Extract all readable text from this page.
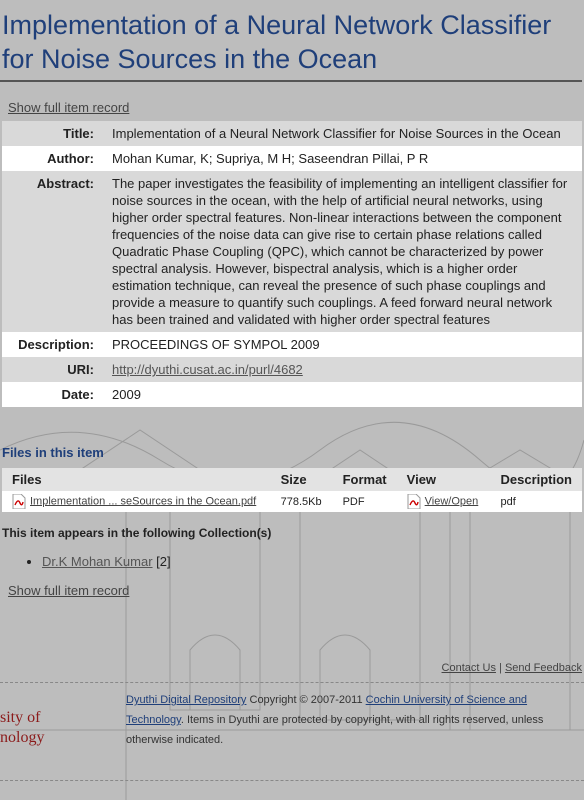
Implementation of a Neural Network Classifier for Noise Sources in the Ocean
Show full item record
Title:	Implementation of a Neural Network Classifier for Noise Sources in the Ocean
Author:	Mohan Kumar, K; Supriya, M H; Saseendran Pillai, P R
Abstract:	The paper investigates the feasibility of implementing an intelligent classifier for noise sources in the ocean, with the help of artificial neural networks, using higher order spectral features. Non-linear interactions between the component frequencies of the noise data can give rise to certain phase relations called Quadratic Phase Coupling (QPC), which cannot be characterized by power spectral analysis. However, bispectral analysis, which is a higher order estimation technique, can reveal the presence of such phase couplings and provide a measure to quantify such couplings. A feed forward neural network has been trained and validated with higher order spectral features
Description:	PROCEEDINGS OF SYMPOL 2009
URI:	http://dyuthi.cusat.ac.in/purl/4682
Date:	2009
Files in this item
Files	Size	Format	View	Description
Implementation ... seSources in the Ocean.pdf	778.5Kb	PDF	View/Open	pdf
This item appears in the following Collection(s)
• Dr.K Mohan Kumar [2]
Show full item record
Contact Us | Send Feedback
sity of
nology
Dyuthi Digital Repository Copyright © 2007-2011 Cochin University of Science and Technology. Items in Dyuthi are protected by copyright, with all rights reserved, unless otherwise indicated.
